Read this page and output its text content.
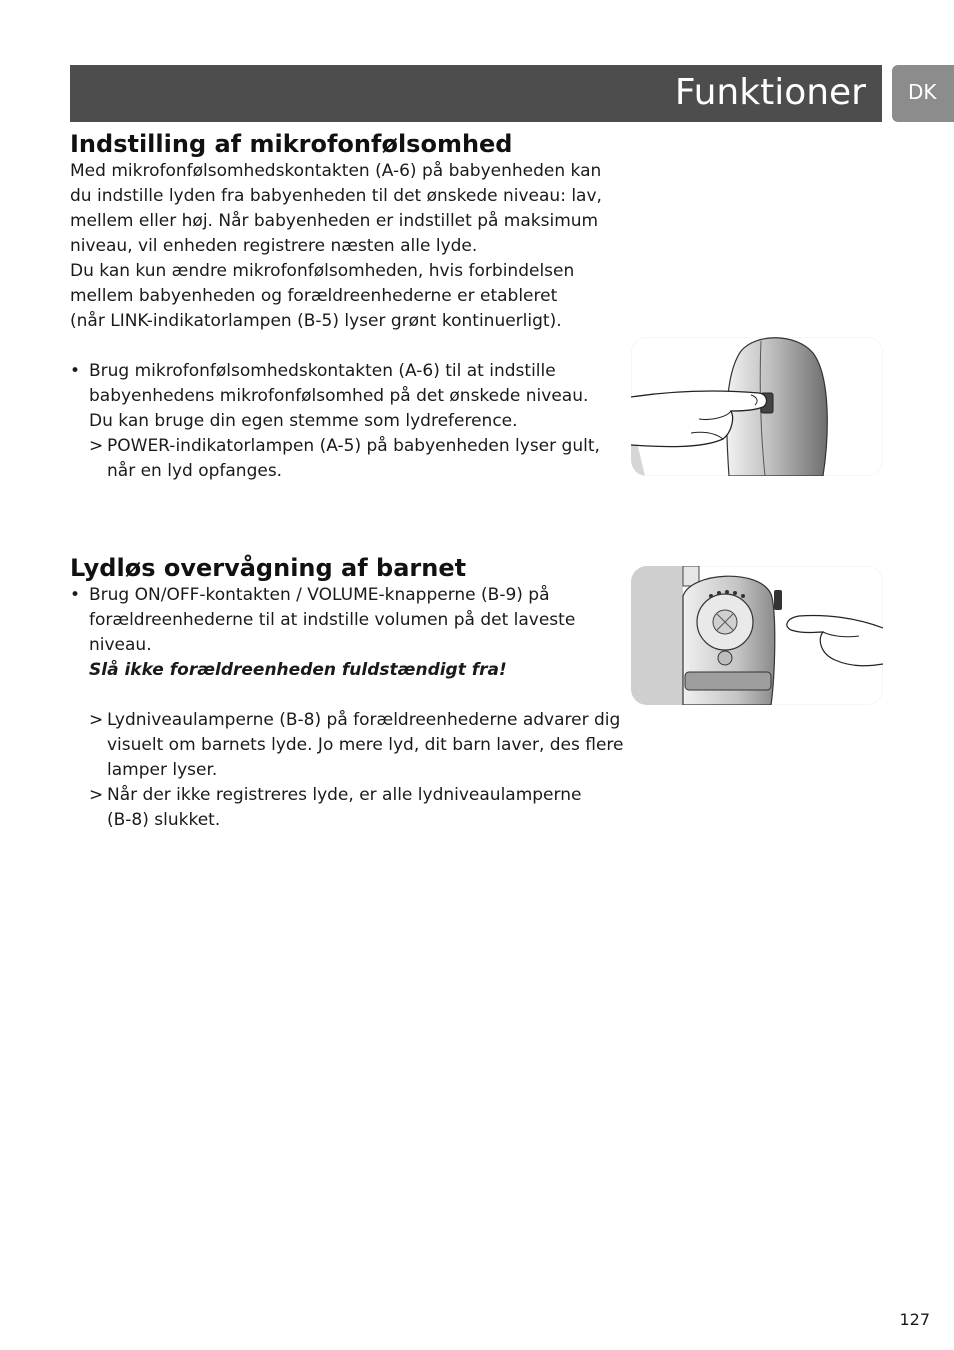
Funktioner DK
Indstilling af mikrofonfølsomhed
Med mikrofonfølsomhedskontakten (A-6) på babyenheden kan
du indstille lyden fra babyenheden til det ønskede niveau: lav,
mellem eller høj. Når babyenheden er indstillet på maksimum
niveau, vil enheden registrere næsten alle lyde.
Du kan kun ændre mikrofonfølsomheden, hvis forbindelsen
mellem babyenheden og forældreenhederne er etableret
(når LINK-indikatorlampen (B-5) lyser grønt kontinuerligt).
• Brug mikrofonfølsomhedskontakten (A-6) til at indstille
babyenhedens mikrofonfølsomhed på det ønskede niveau.
Du kan bruge din egen stemme som lydreference.
> POWER-indikatorlampen (A-5) på babyenheden lyser gult,
når en lyd opfanges.
Lydløs overvågning af barnet
• Brug ON/OFF-kontakten / VOLUME-knapperne (B-9) på
forældreenhederne til at indstille volumen på det laveste
niveau.
Slå ikke forældreenheden fuldstændigt fra!
> Lydniveaulamperne (B-8) på forældreenhederne advarer dig
visuelt om barnets lyde. Jo mere lyd, dit barn laver, des flere
lamper lyser.
> Når der ikke registreres lyde, er alle lydniveaulamperne
(B-8) slukket.
127
